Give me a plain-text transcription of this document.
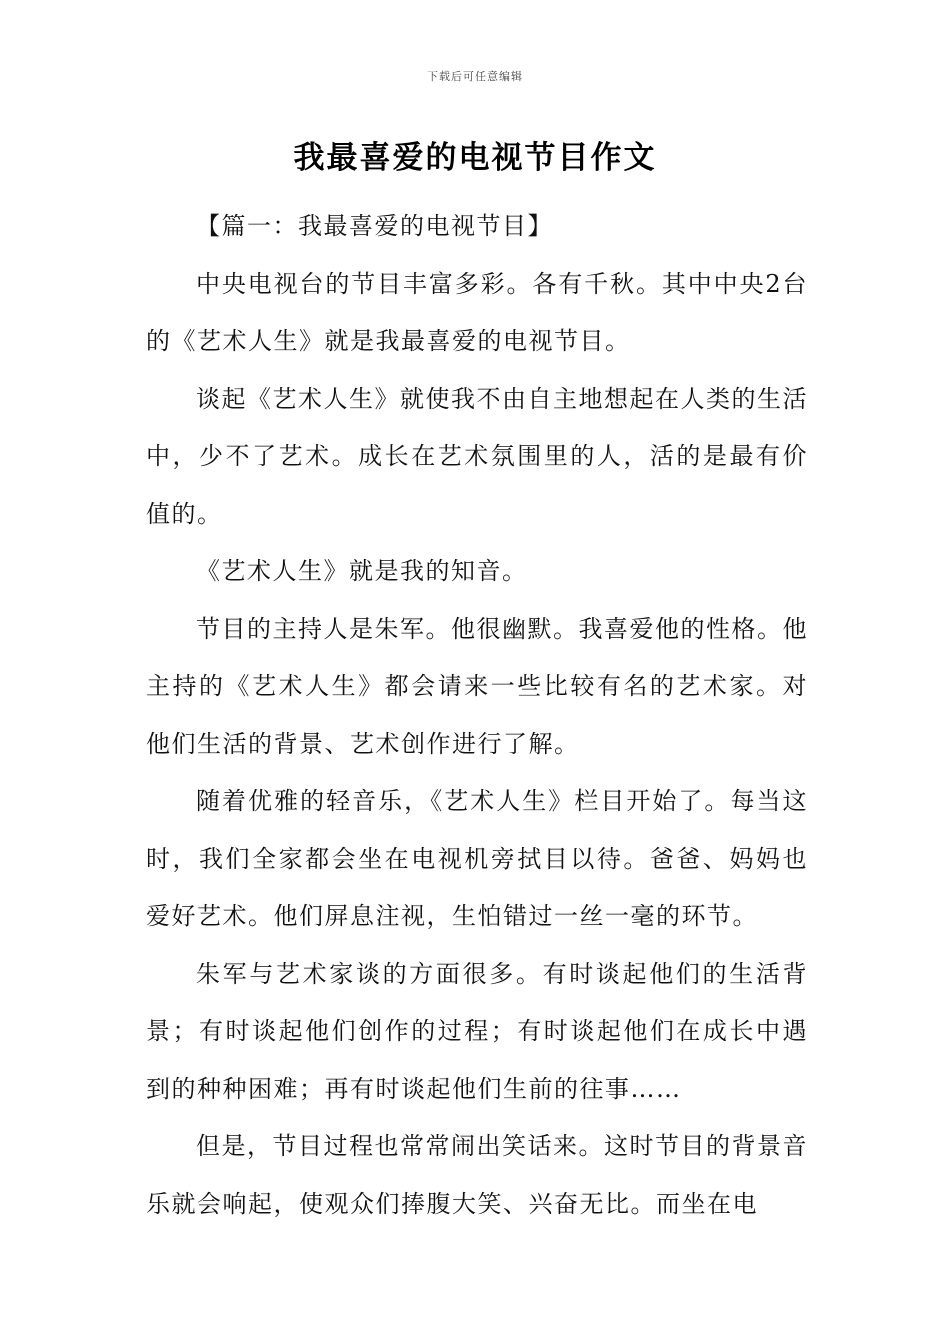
下载后可任意编辑
我最喜爱的电视节目作文

【篇一：我最喜爱的电视节目】

中央电视台的节目丰富多彩。各有千秋。其中中央2台的《艺术人生》就是我最喜爱的电视节目。

谈起《艺术人生》就使我不由自主地想起在人类的生活中，少不了艺术。成长在艺术氛围里的人，活的是最有价值的。

《艺术人生》就是我的知音。

节目的主持人是朱军。他很幽默。我喜爱他的性格。他主持的《艺术人生》都会请来一些比较有名的艺术家。对他们生活的背景、艺术创作进行了解。

随着优雅的轻音乐，《艺术人生》栏目开始了。每当这时，我们全家都会坐在电视机旁拭目以待。爸爸、妈妈也爱好艺术。他们屏息注视，生怕错过一丝一毫的环节。

朱军与艺术家谈的方面很多。有时谈起他们的生活背景；有时谈起他们创作的过程；有时谈起他们在成长中遇到的种种困难；再有时谈起他们生前的往事……

但是，节目过程也常常闹出笑话来。这时节目的背景音乐就会响起，使观众们捧腹大笑、兴奋无比。而坐在电
